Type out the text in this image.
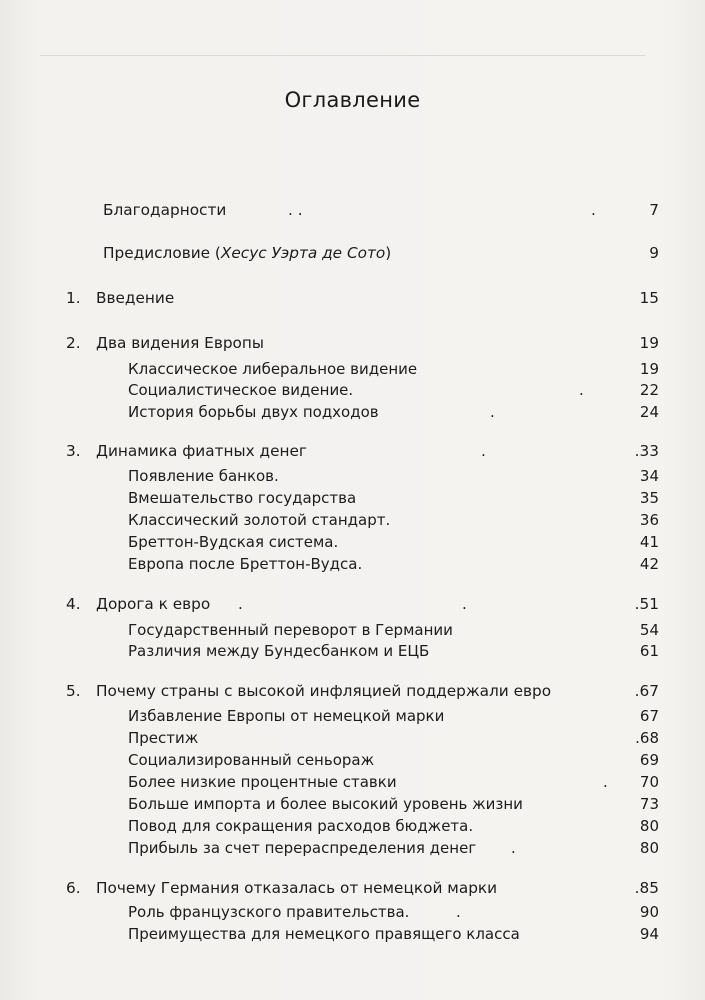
Оглавление
Благодарности	. .	.	7
Предисловие (Хесус Уэрта де Сото)	9
1. Введение	15
2. Два видения Европы	19
Классическое либеральное видение	19
Социалистическое видение.	.	22
История борьбы двух подходов	.	24
3. Динамика фиатных денег	.	.33
Появление банков.	34
Вмешательство государства	35
Классический золотой стандарт.	36
Бреттон-Вудская система.	41
Европа после Бреттон-Вудса.	42
4. Дорога к евро .	.	.51
Государственный переворот в Германии	54
Различия между Бундесбанком и ЕЦБ	61
5. Почему страны с высокой инфляцией поддержали евро	.67
Избавление Европы от немецкой марки	67
Престиж	.68
Социализированный сеньораж	69
Более низкие процентные ставки	. 70
Больше импорта и более высокий уровень жизни	73
Повод для сокращения расходов бюджета.	80
Прибыль за счет перераспределения денег .	80
6. Почему Германия отказалась от немецкой марки	.85
Роль французского правительства.	.	90
Преимущества для немецкого правящего класса	94
